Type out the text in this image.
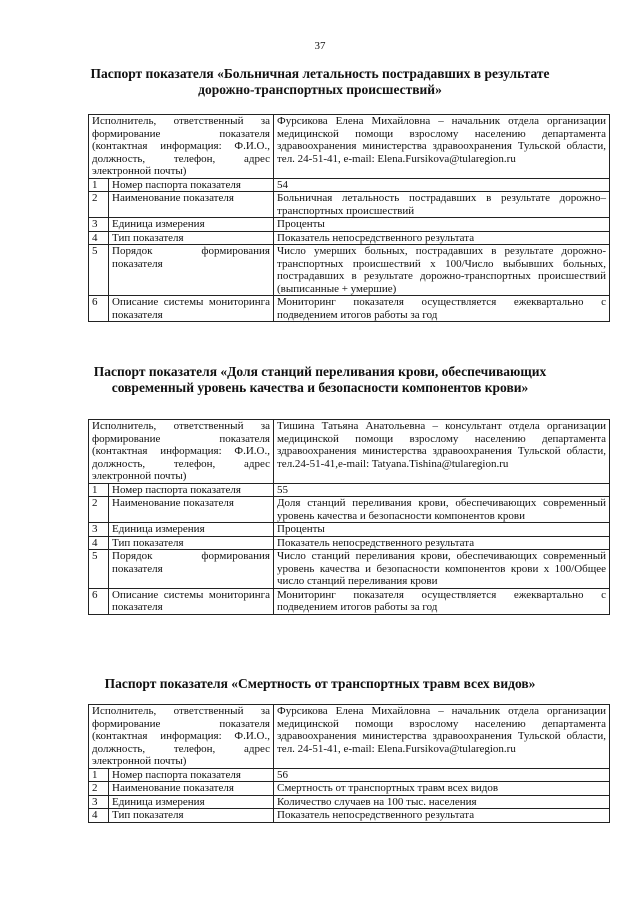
37
Паспорт показателя «Больничная летальность пострадавших в результате дорожно-транспортных происшествий»
Исполнитель, ответственный за формирование показателя (контактная информация: Ф.И.О., должность, телефон, адрес электронной почты)		Фурсикова Елена Михайловна – начальник отдела организации медицинской помощи взрослому населению департамента здравоохранения министерства здравоохранения Тульской области, тел. 24-51-41, e-mail: Elena.Fursikova@tularegion.ru
1	Номер паспорта показателя	54
2	Наименование показателя	Больничная летальность пострадавших в результате дорожно–транспортных происшествий
3	Единица измерения	Проценты
4	Тип показателя	Показатель непосредственного результата
5	Порядок формирования показателя	Число умерших больных, пострадавших в результате дорожно-транспортных происшествий х 100/Число выбывших больных, пострадавших в результате дорожно-транспортных происшествий (выписанные + умершие)
6	Описание системы мониторинга показателя	Мониторинг показателя осуществляется ежеквартально с подведением итогов работы за год
Паспорт показателя «Доля станций переливания крови, обеспечивающих современный уровень качества и безопасности компонентов крови»
Исполнитель, ответственный за формирование показателя (контактная информация: Ф.И.О., должность, телефон, адрес электронной почты)		Тишина Татьяна Анатольевна – консультант отдела организации медицинской помощи взрослому населению департамента здравоохранения министерства здравоохранения Тульской области, тел.24-51-41,e-mail: Tatyana.Tishina@tularegion.ru
1	Номер паспорта показателя	55
2	Наименование показателя	Доля станций переливания крови, обеспечивающих современный уровень качества и безопасности компонентов крови
3	Единица измерения	Проценты
4	Тип показателя	Показатель непосредственного результата
5	Порядок формирования показателя	Число станций переливания крови, обеспечивающих современный уровень качества и безопасности компонентов крови х 100/Общее число станций переливания крови
6	Описание системы мониторинга показателя	Мониторинг показателя осуществляется ежеквартально с подведением итогов работы за год
Паспорт показателя «Смертность от транспортных травм всех видов»
Исполнитель, ответственный за формирование показателя (контактная информация: Ф.И.О., должность, телефон, адрес электронной почты)		Фурсикова Елена Михайловна – начальник отдела организации медицинской помощи взрослому населению департамента здравоохранения министерства здравоохранения Тульской области, тел. 24-51-41, e-mail: Elena.Fursikova@tularegion.ru
1	Номер паспорта показателя	56
2	Наименование показателя	Смертность от транспортных травм всех видов
3	Единица измерения	Количество случаев на 100 тыс. населения
4	Тип показателя	Показатель непосредственного результата
